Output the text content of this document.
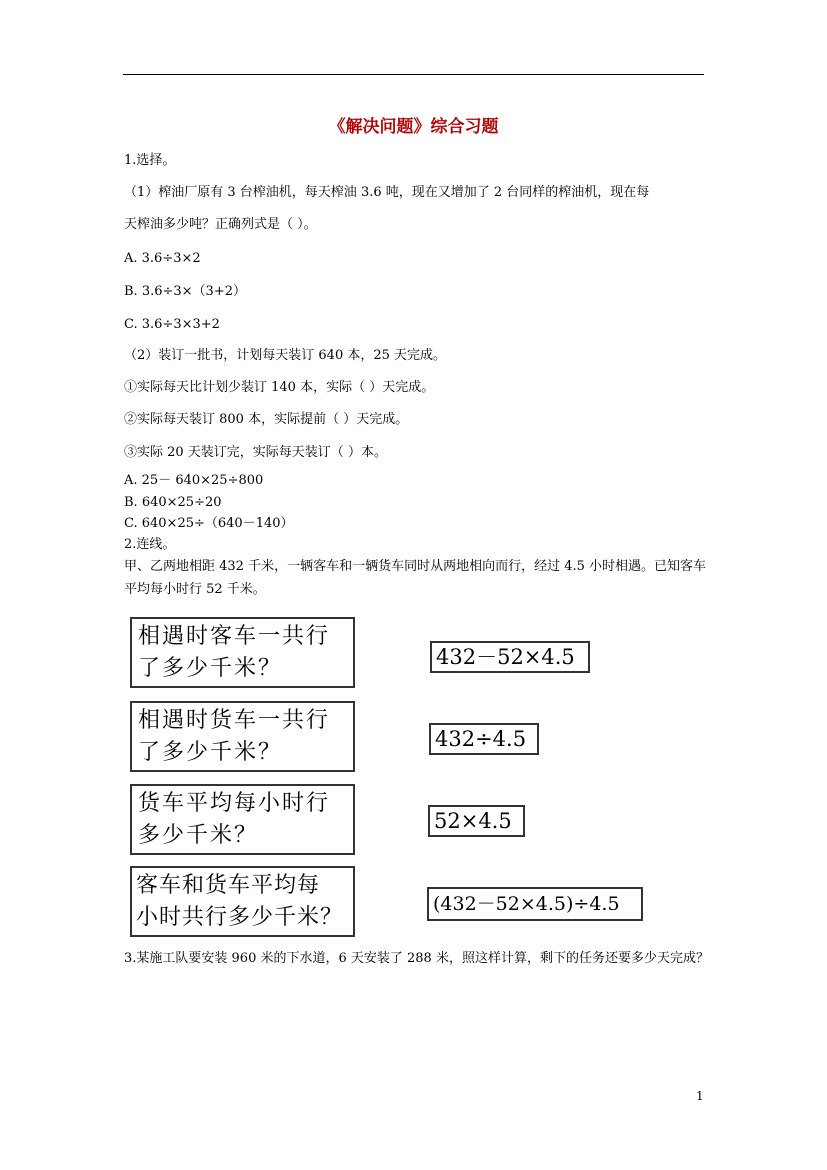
《解决问题》综合习题
1.选择。
（1）榨油厂原有 3 台榨油机，每天榨油 3.6 吨，现在又增加了 2 台同样的榨油机，现在每
天榨油多少吨？正确列式是（ ）。
A. 3.6÷3×2
B. 3.6÷3×（3+2）
C. 3.6÷3×3+2
（2）装订一批书，计划每天装订 640 本，25 天完成。
①实际每天比计划少装订 140 本，实际（ ）天完成。
②实际每天装订 800 本，实际提前（ ）天完成。
③实际 20 天装订完，实际每天装订（ ）本。
A. 25－ 640×25÷800
B. 640×25÷20
C. 640×25÷（640－140）
2.连线。
甲、乙两地相距 432 千米，一辆客车和一辆货车同时从两地相向而行，经过 4.5 小时相遇。已知客车平均每小时行 52 千米。
相遇时客车一共行
了多少千米？
相遇时货车一共行
了多少千米？
货车平均每小时行
多少千米？
客车和货车平均每
小时共行多少千米？
432－52×4.5
432÷4.5
52×4.5
(432－52×4.5)÷4.5
3.某施工队要安装 960 米的下水道，6 天安装了 288 米，照这样计算，剩下的任务还要多少天完成？
1
